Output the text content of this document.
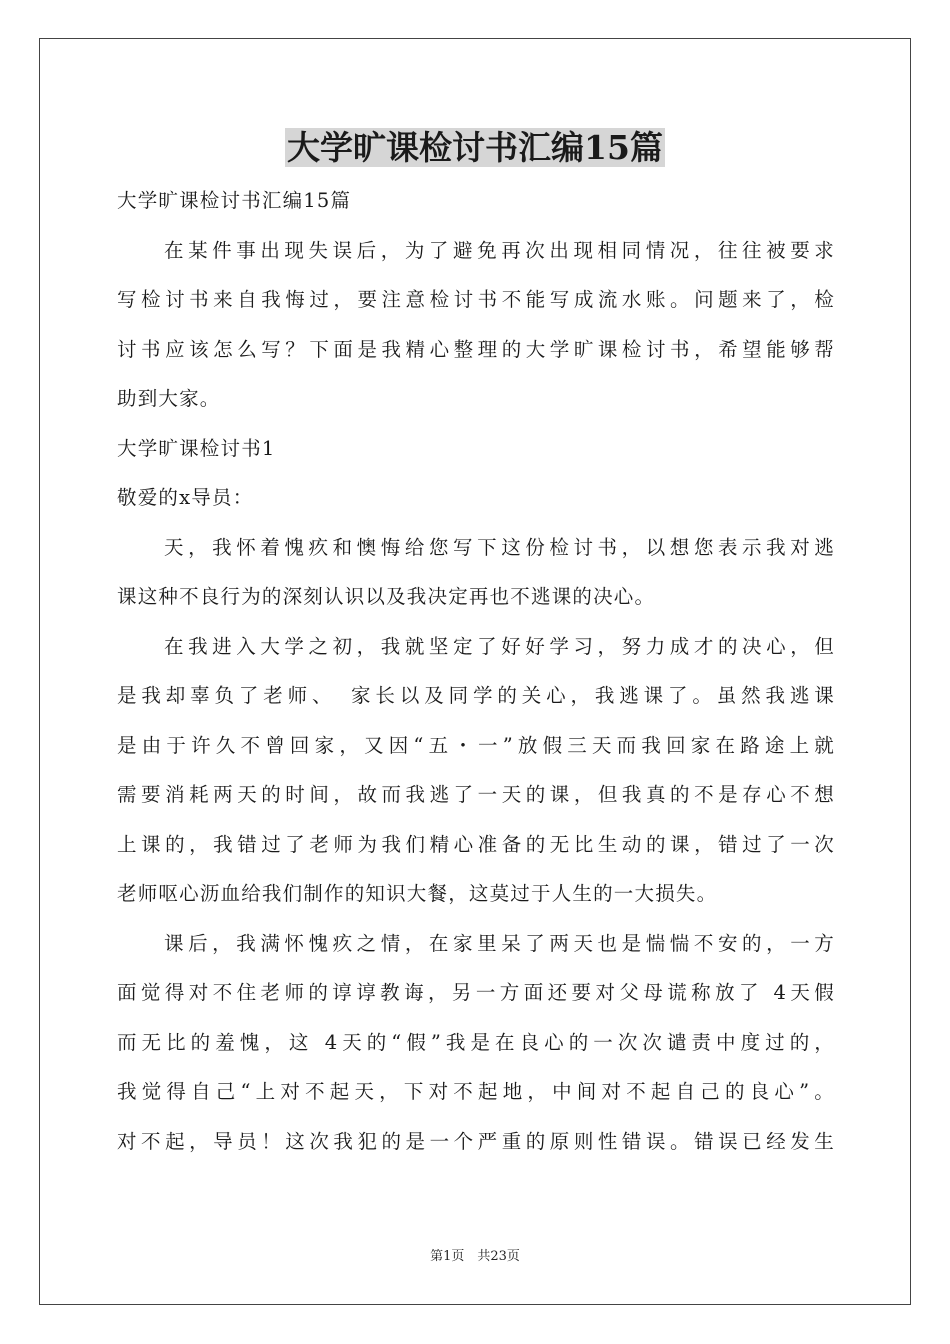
大学旷课检讨书汇编15篇
大学旷课检讨书汇编15篇
在某件事出现失误后，为了避免再次出现相同情况，往往被要求
写检讨书来自我悔过，要注意检讨书不能写成流水账。问题来了，检
讨书应该怎么写？下面是我精心整理的大学旷课检讨书，希望能够帮
助到大家。
大学旷课检讨书1
敬爱的x导员：
天，我怀着愧疚和懊悔给您写下这份检讨书，以想您表示我对逃
课这种不良行为的深刻认识以及我决定再也不逃课的决心。
在我进入大学之初，我就坚定了好好学习，努力成才的决心，但
是我却辜负了老师、　家长以及同学的关心，我逃课了。虽然我逃课
是由于许久不曾回家，又因“五・一”放假三天而我回家在路途上就
需要消耗两天的时间，故而我逃了一天的课，但我真的不是存心不想
上课的，我错过了老师为我们精心准备的无比生动的课，错过了一次
老师呕心沥血给我们制作的知识大餐，这莫过于人生的一大损失。
课后，我满怀愧疚之情，在家里呆了两天也是惴惴不安的，一方
面觉得对不住老师的谆谆教诲，另一方面还要对父母谎称放了 4天假
而无比的羞愧，这 4天的“假”我是在良心的一次次谴责中度过的，
我觉得自己“上对不起天，下对不起地，中间对不起自己的良心”。
对不起，导员！这次我犯的是一个严重的原则性错误。错误已经发生
第1页　共23页
